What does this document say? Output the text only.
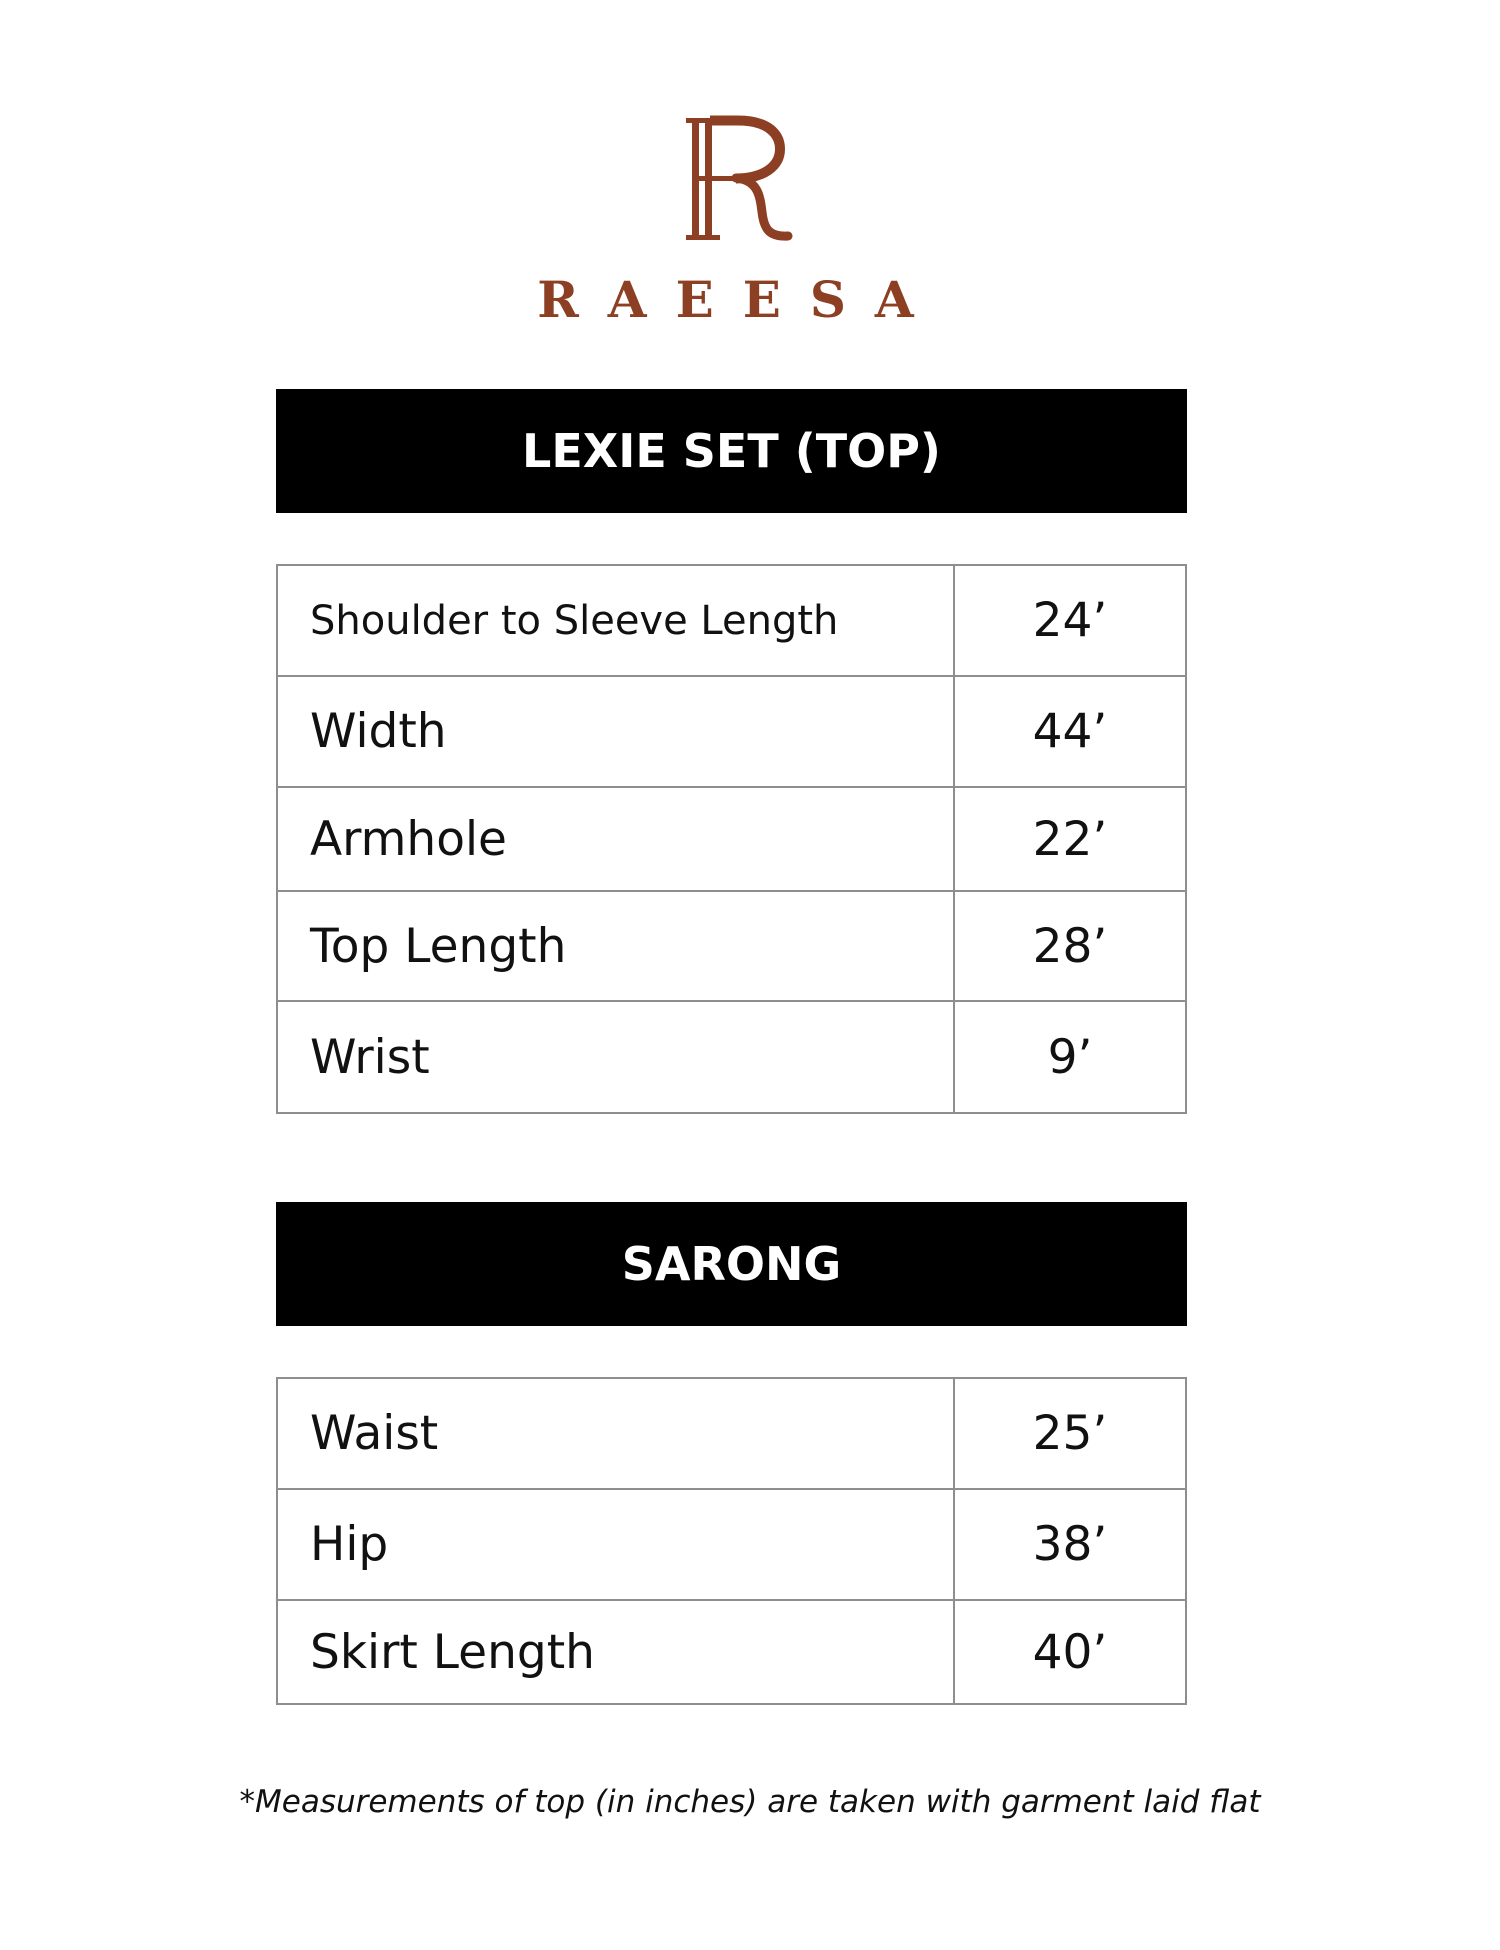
RAEESA
LEXIE SET (TOP)
Shoulder to Sleeve Length	24’
Width	44’
Armhole	22’
Top Length	28’
Wrist	9’
SARONG
Waist	25’
Hip	38’
Skirt Length	40’
*Measurements of top (in inches) are taken with garment laid flat
